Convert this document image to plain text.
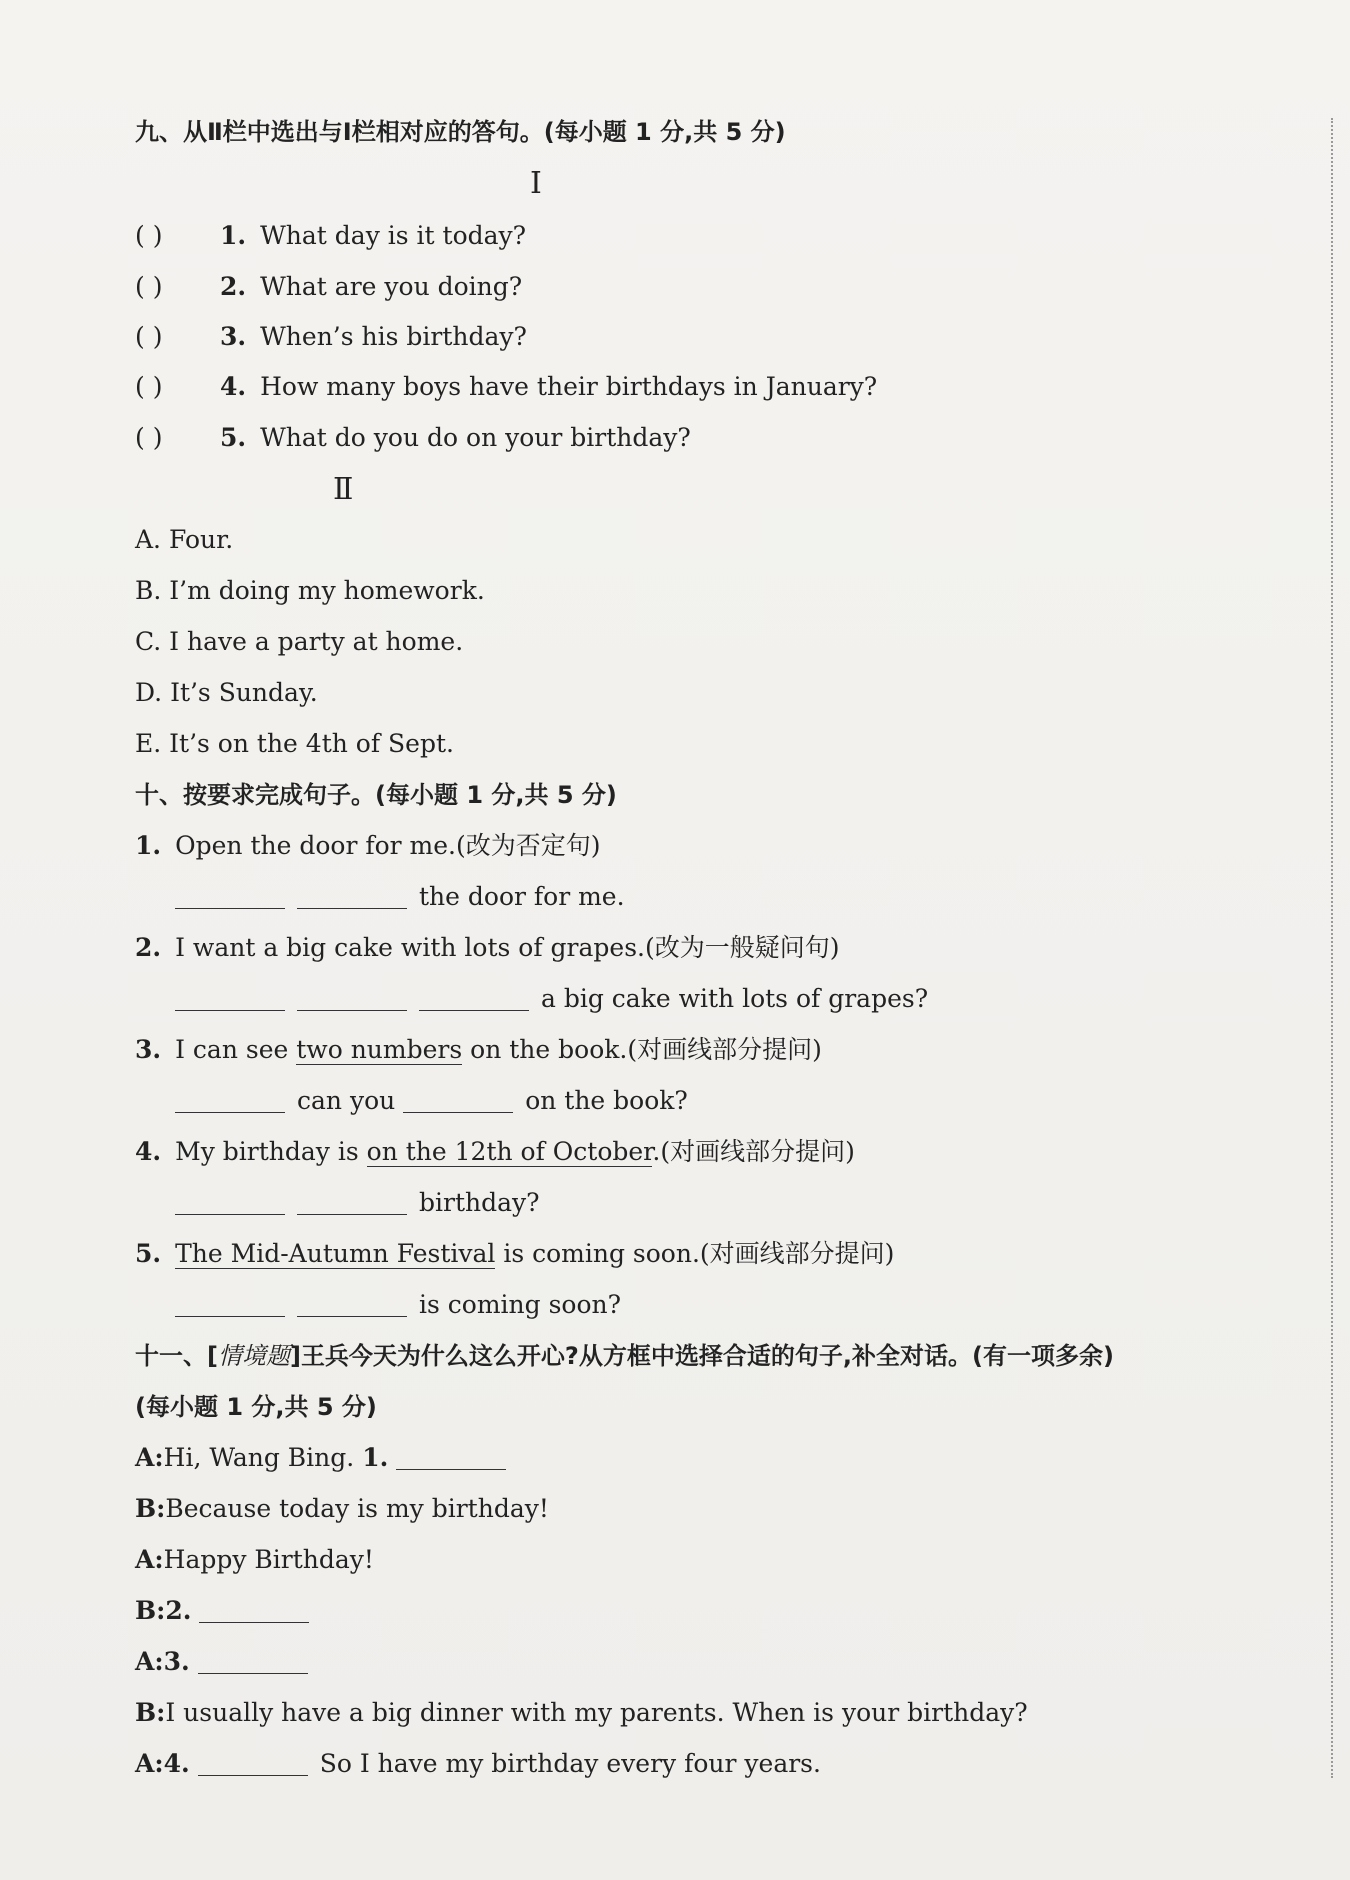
九、从Ⅱ栏中选出与Ⅰ栏相对应的答句。(每小题 1 分,共 5 分)
Ⅰ
( ) 1. What day is it today?
( ) 2. What are you doing?
( ) 3. When’s his birthday?
( ) 4. How many boys have their birthdays in January?
( ) 5. What do you do on your birthday?
Ⅱ
A. Four.
B. I’m doing my homework.
C. I have a party at home.
D. It’s Sunday.
E. It’s on the 4th of Sept.
十、按要求完成句子。(每小题 1 分,共 5 分)
1. Open the door for me.(改为否定句)
the door for me.
2. I want a big cake with lots of grapes.(改为一般疑问句)
a big cake with lots of grapes?
3. I can see two numbers on the book.(对画线部分提问)
can you	on the book?
4. My birthday is on the 12th of October.(对画线部分提问)
birthday?
5. The Mid-Autumn Festival is coming soon.(对画线部分提问)
is coming soon?
十一、[情境题]王兵今天为什么这么开心?从方框中选择合适的句子,补全对话。(有一项多余)
(每小题 1 分,共 5 分)
A:Hi, Wang Bing. 1.
B:Because today is my birthday!
A:Happy Birthday!
B:2.
A:3.
B:I usually have a big dinner with my parents. When is your birthday?
A:4.	So I have my birthday every four years.
